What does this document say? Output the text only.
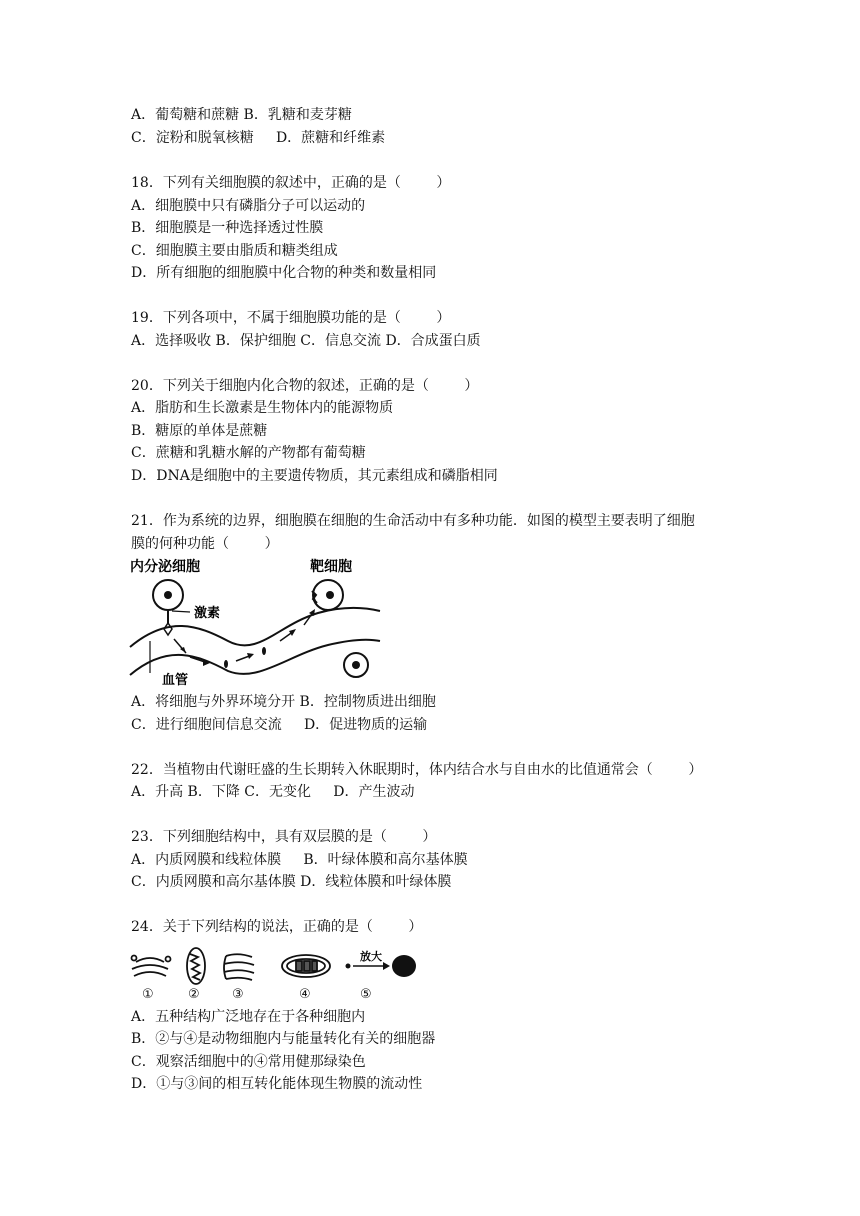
A．葡萄糖和蔗糖 B．乳糖和麦芽糖
C．淀粉和脱氧核糖     D．蔗糖和纤维素
18．下列有关细胞膜的叙述中，正确的是（        ）
A．细胞膜中只有磷脂分子可以运动的
B．细胞膜是一种选择透过性膜
C．细胞膜主要由脂质和糖类组成
D．所有细胞的细胞膜中化合物的种类和数量相同
19．下列各项中，不属于细胞膜功能的是（        ）
A．选择吸收 B．保护细胞 C．信息交流 D．合成蛋白质
20．下列关于细胞内化合物的叙述，正确的是（        ）
A．脂肪和生长激素是生物体内的能源物质
B．糖原的单体是蔗糖
C．蔗糖和乳糖水解的产物都有葡萄糖
D．DNA是细胞中的主要遗传物质，其元素组成和磷脂相同
21．作为系统的边界，细胞膜在细胞的生命活动中有多种功能．如图的模型主要表明了细胞
膜的何种功能（        ）
内分泌细胞	靶细胞
激素
血管
A．将细胞与外界环境分开 B．控制物质进出细胞
C．进行细胞间信息交流     D．促进物质的运输
22．当植物由代谢旺盛的生长期转入休眠期时，体内结合水与自由水的比值通常会（        ）
A．升高 B．下降 C．无变化     D．产生波动
23．下列细胞结构中，具有双层膜的是（        ）
A．内质网膜和线粒体膜     B．叶绿体膜和高尔基体膜
C．内质网膜和高尔基体膜 D．线粒体膜和叶绿体膜
24．关于下列结构的说法，正确的是（        ）
放大
①	② ③	④	⑤
A．五种结构广泛地存在于各种细胞内
B．②与④是动物细胞内与能量转化有关的细胞器
C．观察活细胞中的④常用健那绿染色
D．①与③间的相互转化能体现生物膜的流动性
